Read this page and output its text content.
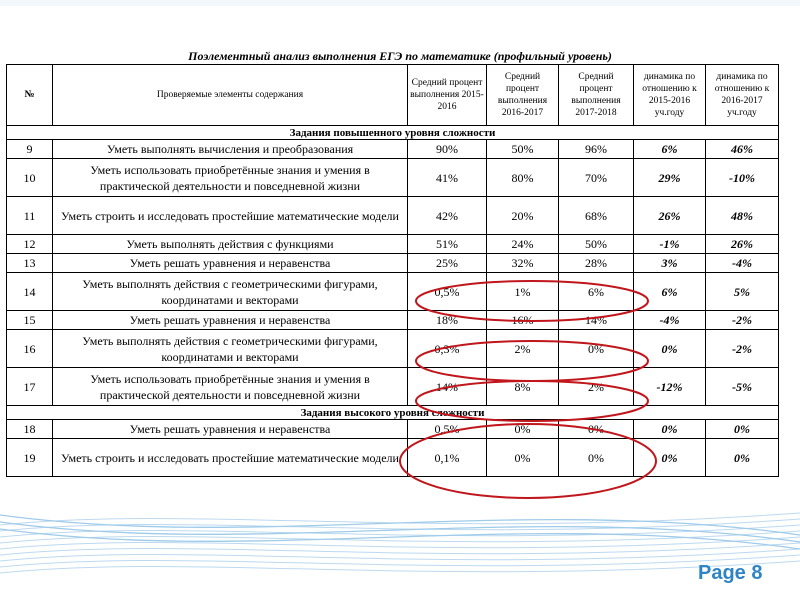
Поэлементный анализ выполнения ЕГЭ по математике (профильный уровень)
№	Проверяемые элементы содержания	Средний процент выполнения 2015-2016	Средний процент выполнения 2016-2017	Средний процент выполнения 2017-2018	динамика по отношению к 2015-2016 уч.году	динамика по отношению к 2016-2017 уч.году
Задания повышенного уровня сложности						
9	Уметь выполнять вычисления и преобразования	90%	50%	96%	6%	46%
10	Уметь использовать приобретённые знания и умения в практической деятельности и повседневной жизни	41%	80%	70%	29%	-10%
11	Уметь строить и исследовать простейшие математические модели	42%	20%	68%	26%	48%
12	Уметь выполнять действия с функциями	51%	24%	50%	-1%	26%
13	Уметь решать уравнения и неравенства	25%	32%	28%	3%	-4%
14	Уметь выполнять действия с геометрическими фигурами, координатами и векторами	0,5%	1%	6%	6%	5%
15	Уметь решать уравнения и неравенства	18%	16%	14%	-4%	-2%
16	Уметь выполнять действия с геометрическими фигурами, координатами и векторами	0,3%	2%	0%	0%	-2%
17	Уметь использовать приобретённые знания и умения в практической деятельности и повседневной жизни	14%	8%	2%	-12%	-5%
Задания высокого уровня сложности						
18	Уметь решать уравнения и неравенства	0,5%	0%	0%	0%	0%
19	Уметь строить и исследовать простейшие математические модели	0,1%	0%	0%	0%	0%
Page 8
